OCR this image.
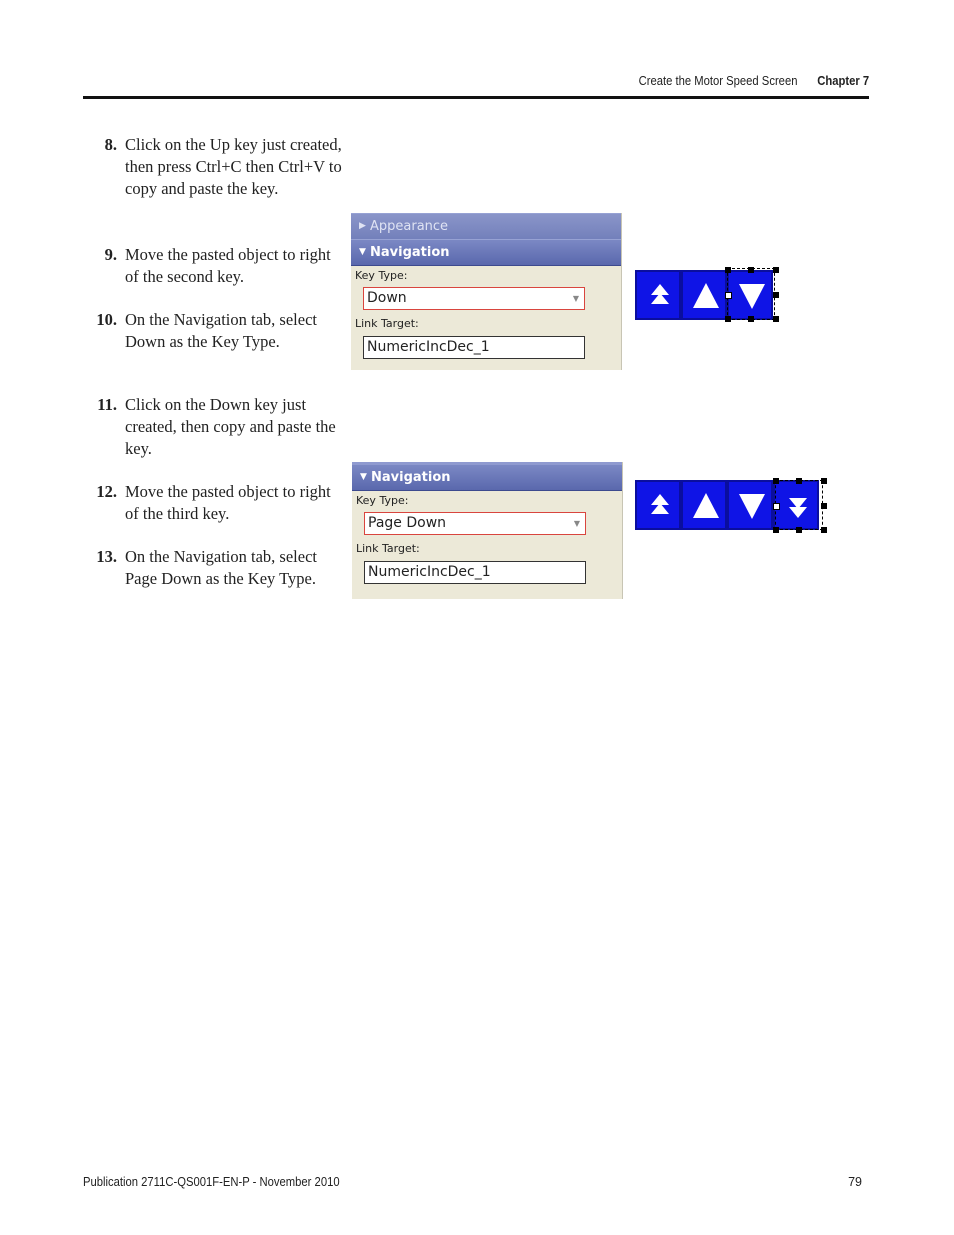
Create the Motor Speed Screen Chapter 7
8. Click on the Up key just created, then press Ctrl+C then Ctrl+V to copy and paste the key.
9. Move the pasted object to right of the second key.
10. On the Navigation tab, select Down as the Key Type.
11. Click on the Down key just created, then copy and paste the key.
12. Move the pasted object to right of the third key.
13. On the Navigation tab, select Page Down as the Key Type.
▶ Appearance
▼ Navigation
Key Type:
Down	▼
Link Target:
NumericIncDec_1
▼ Navigation
Key Type:
Page Down	▼
Link Target:
NumericIncDec_1
Publication 2711C-QS001F-EN-P - November 2010	79
